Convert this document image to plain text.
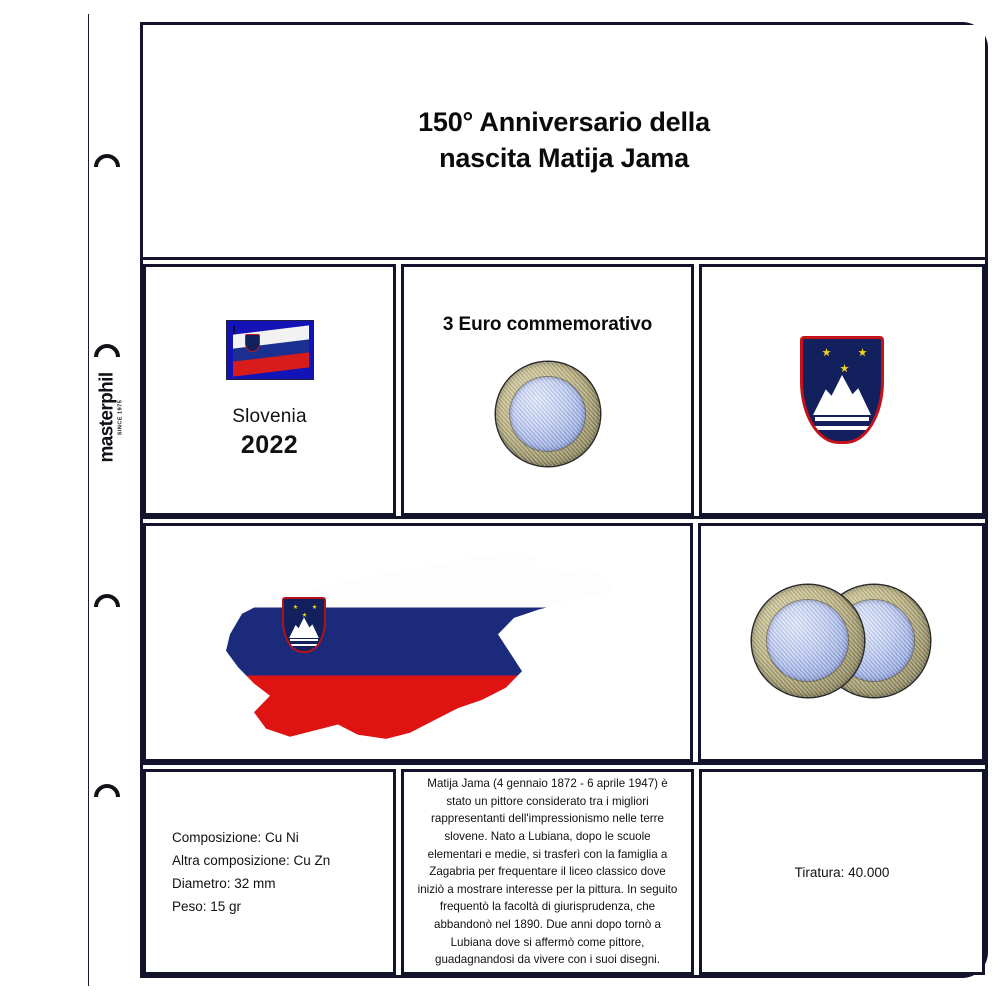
masterphil SINCE 1975
150° Anniversario della
nascita Matija Jama
Slovenia
2022
3 Euro commemorativo
Composizione: Cu Ni
Altra composizione: Cu Zn
Diametro: 32 mm
Peso: 15 gr
Matija Jama (4 gennaio 1872 - 6 aprile 1947) è stato un pittore considerato tra i migliori rappresentanti dell'impressionismo nelle terre slovene. Nato a Lubiana, dopo le scuole elementari e medie, si trasferì con la famiglia a Zagabria per frequentare il liceo classico dove iniziò a mostrare interesse per la pittura. In seguito frequentò la facoltà di giurisprudenza, che abbandonò nel 1890. Due anni dopo tornò a Lubiana dove si affermò come pittore, guadagnandosi da vivere con i suoi disegni.
Tiratura: 40.000
